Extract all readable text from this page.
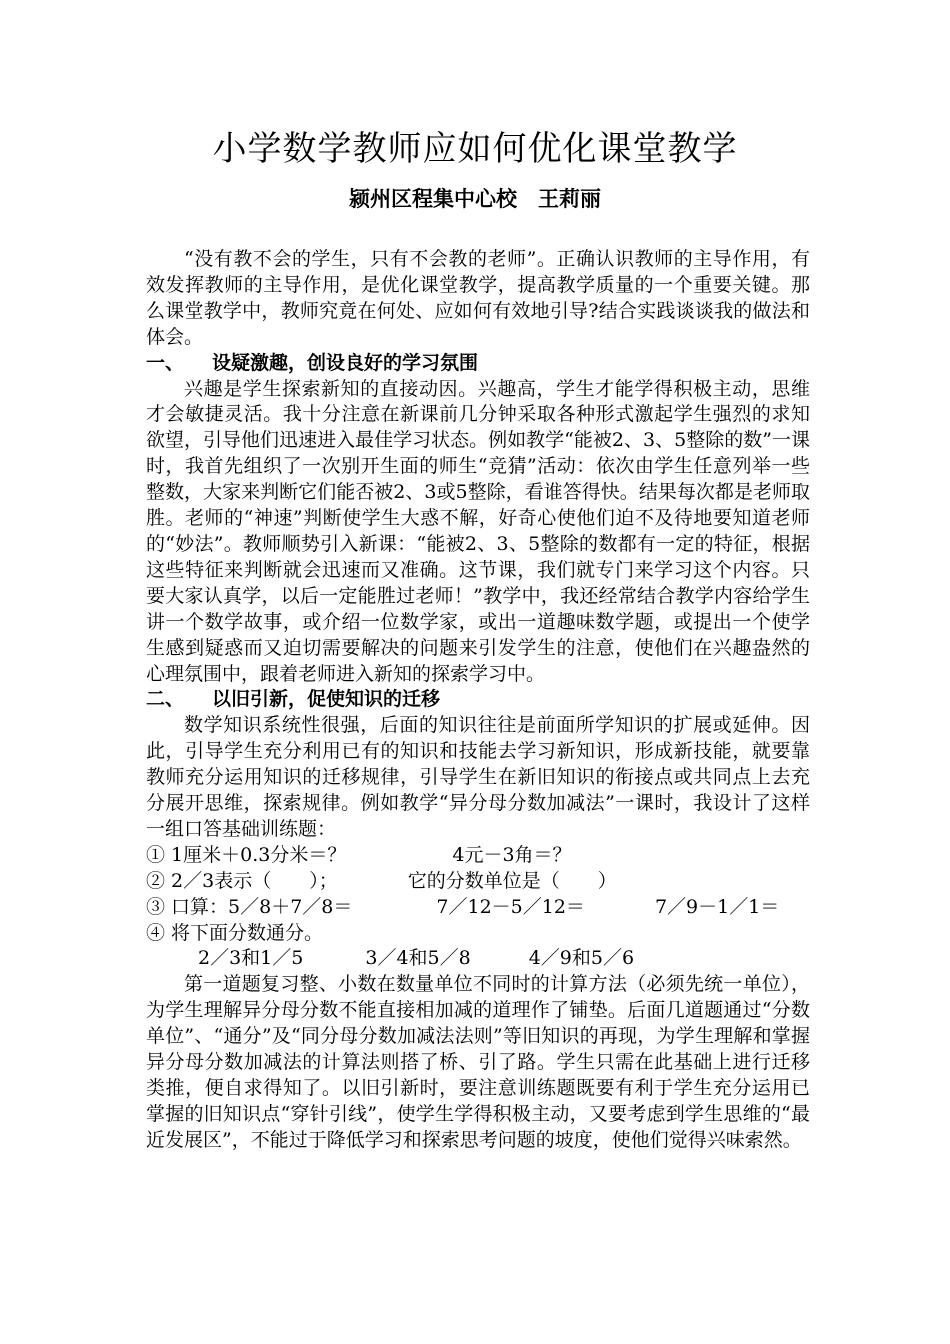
小学数学教师应如何优化课堂教学
颍州区程集中心校　王莉丽

“没有教不会的学生，只有不会教的老师”。正确认识教师的主导作用，有效发挥教师的主导作用，是优化课堂教学，提高教学质量的一个重要关键。那么课堂教学中，教师究竟在何处、应如何有效地引导?结合实践谈谈我的做法和体会。

一、 设疑激趣，创设良好的学习氛围

兴趣是学生探索新知的直接动因。兴趣高，学生才能学得积极主动，思维才会敏捷灵活。我十分注意在新课前几分钟采取各种形式激起学生强烈的求知欲望，引导他们迅速进入最佳学习状态。例如教学“能被2、3、5整除的数”一课时，我首先组织了一次别开生面的师生“竞猜”活动：依次由学生任意列举一些整数，大家来判断它们能否被2、3或5整除，看谁答得快。结果每次都是老师取胜。老师的“神速”判断使学生大惑不解，好奇心使他们迫不及待地要知道老师的“妙法”。教师顺势引入新课：“能被2、3、5整除的数都有一定的特征，根据这些特征来判断就会迅速而又准确。这节课，我们就专门来学习这个内容。只要大家认真学，以后一定能胜过老师！”教学中，我还经常结合教学内容给学生讲一个数学故事，或介绍一位数学家，或出一道趣味数学题，或提出一个使学生感到疑惑而又迫切需要解决的问题来引发学生的注意，使他们在兴趣盎然的心理氛围中，跟着老师进入新知的探索学习中。

二、 以旧引新，促使知识的迁移

数学知识系统性很强，后面的知识往往是前面所学知识的扩展或延伸。因此，引导学生充分利用已有的知识和技能去学习新知识，形成新技能，就要靠教师充分运用知识的迁移规律，引导学生在新旧知识的衔接点或共同点上去充分展开思维，探索规律。例如教学“异分母分数加减法”一课时，我设计了这样一组口答基础训练题：

① 1厘米＋0.3分米＝？	4元－3角＝？
② 2／3表示（　　）；	它的分数单位是（　　）
③ 口算：5／8＋7／8＝	7／12－5／12＝	7／9－1／1＝
④ 将下面分数通分。
2／3和1／5	3／4和5／8	4／9和5／6

第一道题复习整、小数在数量单位不同时的计算方法（必须先统一单位），为学生理解异分母分数不能直接相加减的道理作了铺垫。后面几道题通过“分数单位”、“通分”及“同分母分数加减法法则”等旧知识的再现，为学生理解和掌握异分母分数加减法的计算法则搭了桥、引了路。学生只需在此基础上进行迁移类推，便自求得知了。以旧引新时，要注意训练题既要有利于学生充分运用已掌握的旧知识点“穿针引线”，使学生学得积极主动，又要考虑到学生思维的“最近发展区”，不能过于降低学习和探索思考问题的坡度，使他们觉得兴味索然。
